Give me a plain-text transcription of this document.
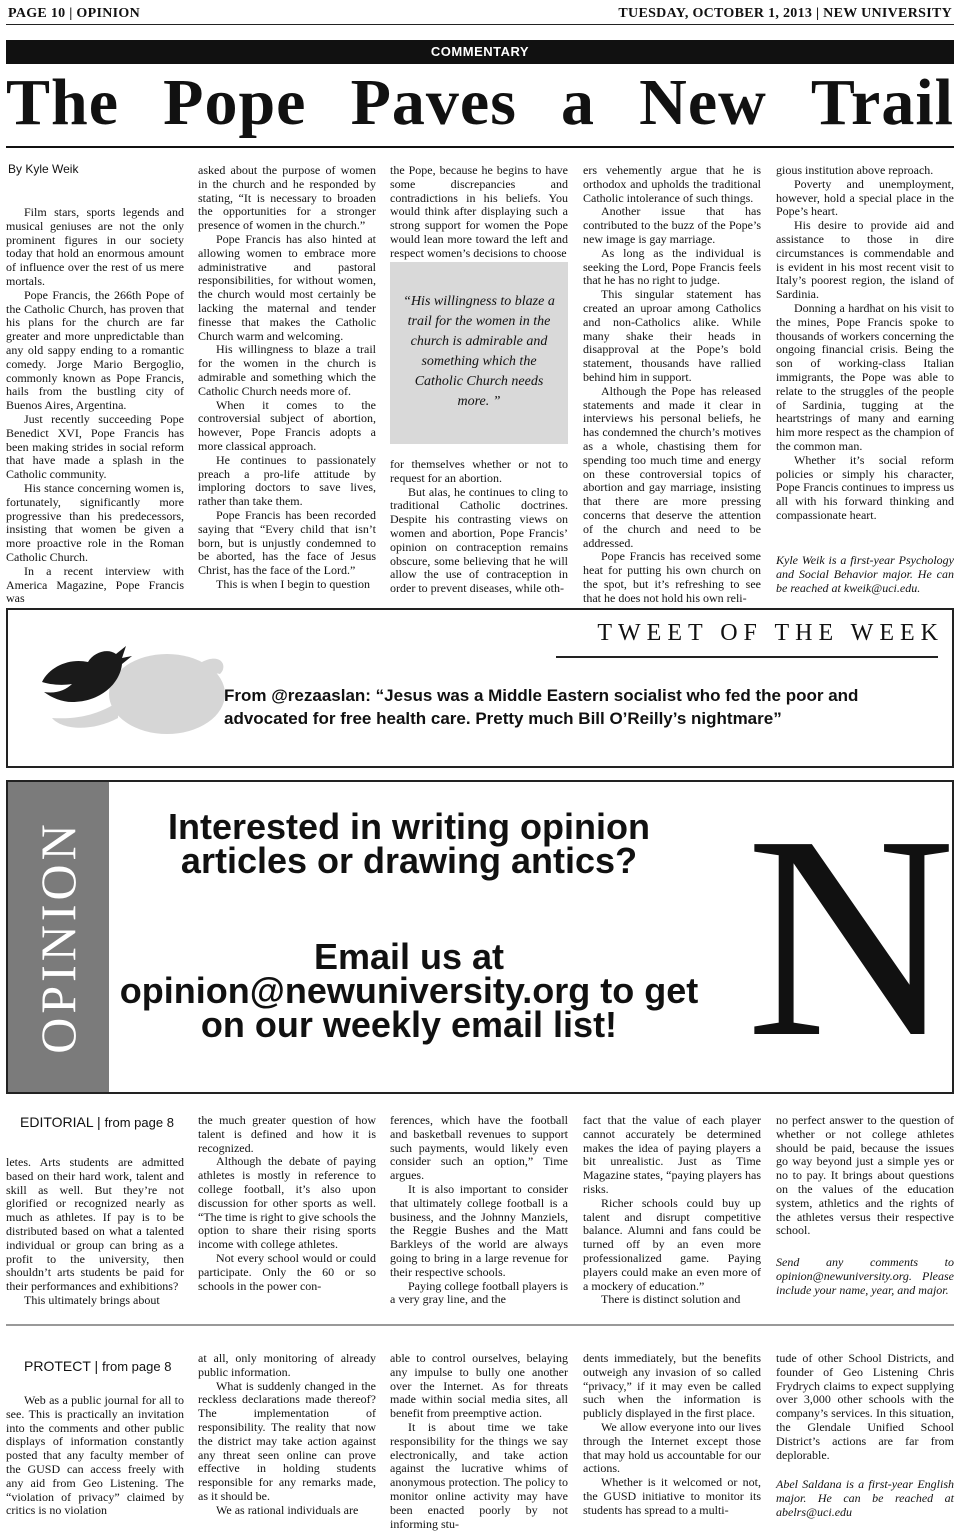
PAGE 10 | OPINION	TUESDAY, OCTOBER 1, 2013 | NEW UNIVERSITY
COMMENTARY
The Pope Paves a New Trail
By Kyle Weik

Film stars, sports legends and musical geniuses are not the only prominent figures in our society today that hold an enormous amount of influence over the rest of us mere mortals.

Pope Francis, the 266th Pope of the Catholic Church, has proven that his plans for the church are far greater and more unpredictable than any old sappy ending to a romantic comedy. Jorge Mario Bergoglio, commonly known as Pope Francis, hails from the bustling city of Buenos Aires, Argentina.

Just recently succeeding Pope Benedict XVI, Pope Francis has been making strides in social reform that have made a splash in the Catholic community.

His stance concerning women is, fortunately, significantly more progressive than his predecessors, insisting that women be given a more proactive role in the Roman Catholic Church.

In a recent interview with America Magazine, Pope Francis was

asked about the purpose of women in the church and he responded by stating, “It is necessary to broaden the opportunities for a stronger presence of women in the church.”

Pope Francis has also hinted at allowing women to embrace more administrative and pastoral responsibilities, for without women, the church would most certainly be lacking the maternal and tender finesse that makes the Catholic Church warm and welcoming.

His willingness to blaze a trail for the women in the church is admirable and something which the Catholic Church needs more of.

When it comes to the controversial subject of abortion, however, Pope Francis adopts a more classical approach.

He continues to passionately preach a pro-life attitude by imploring doctors to save lives, rather than take them.

Pope Francis has been recorded saying that “Every child that isn’t born, but is unjustly condemned to be aborted, has the face of Jesus Christ, has the face of the Lord.”

This is when I begin to question

the Pope, because he begins to have some discrepancies and contradictions in his beliefs. You would think after displaying such a strong support for women the Pope would lean more toward the left and respect women’s decisions to choose

“His willingness to blaze a trail for the women in the church is admirable and something which the Catholic Church needs more. ”

for themselves whether or not to request for an abortion.

But alas, he continues to cling to traditional Catholic doctrines. Despite his contrasting views on women and abortion, Pope Francis’ opinion on contraception remains obscure, some believing that he will allow the use of contraception in order to prevent diseases, while oth-

ers vehemently argue that he is orthodox and upholds the traditional Catholic intolerance of such things.

Another issue that has contributed to the buzz of the Pope’s new image is gay marriage.

As long as the individual is seeking the Lord, Pope Francis feels that he has no right to judge.

This singular statement has created an uproar among Catholics and non-Catholics alike. While many shake their heads in disapproval at the Pope’s bold statement, thousands have rallied behind him in support.

Although the Pope has released statements and made it clear in interviews his personal beliefs, he has condemned the church’s motives as a whole, chastising them for spending too much time and energy on these controversial topics of abortion and gay marriage, insisting that there are more pressing concerns that deserve the attention of the church and need to be addressed.

Pope Francis has received some heat for putting his own church on the spot, but it’s refreshing to see that he does not hold his own reli-

gious institution above reproach.

Poverty and unemployment, however, hold a special place in the Pope’s heart.

His desire to provide aid and assistance to those in dire circumstances is commendable and is evident in his most recent visit to Italy’s poorest region, the island of Sardinia.

Donning a hardhat on his visit to the mines, Pope Francis spoke to thousands of workers concerning the ongoing financial crisis. Being the son of working-class Italian immigrants, the Pope was able to relate to the struggles of the people of Sardinia, tugging at the heartstrings of many and earning him more respect as the champion of the common man.

Whether it’s social reform policies or simply his character, Pope Francis continues to impress us all with his forward thinking and compassionate heart.

Kyle Weik is a first-year Psychology and Social Behavior major. He can be reached at kweik@uci.edu.

TWEET OF THE WEEK
From @rezaaslan: “Jesus was a Middle Eastern socialist who fed the poor and advocated for free health care. Pretty much Bill O’Reilly’s nightmare”
OPINION	Interested in writing opinion articles or drawing antics?
Email us at opinion@newuniversity.org to get on our weekly email list! N
EDITORIAL | from page 8

letes. Arts students are admitted based on their hard work, talent and skill as well. But they’re not glorified or recognized nearly as much as athletes. If pay is to be distributed based on what a talented individual or group can bring as a profit to the university, then shouldn’t arts students be paid for their performances and exhibitions?

This ultimately brings about

the much greater question of how talent is defined and how it is recognized.

Although the debate of paying athletes is mostly in reference to college football, it’s also upon discussion for other sports as well. “The time is right to give schools the option to share their rising sports income with college athletes.

Not every school would or could participate. Only the 60 or so schools in the power con-

ferences, which have the football and basketball revenues to support such payments, would likely even consider such an option,” Time argues.

It is also important to consider that ultimately college football is a business, and the Johnny Manziels, the Reggie Bushes and the Matt Barkleys of the world are always going to bring in a large revenue for their respective schools.

Paying college football players is a very gray line, and the

fact that the value of each player cannot accurately be determined makes the idea of paying players a bit unrealistic. Just as Time Magazine states, “paying players has risks.

Richer schools could buy up talent and disrupt competitive balance. Alumni and fans could be turned off by an even more professionalized game. Paying players could make an even more of a mockery of education.”

There is distinct solution and

no perfect answer to the question of whether or not college athletes should be paid, because the issues go way beyond just a simple yes or no to pay. It brings about questions on the values of the education system, athletics and the rights of the athletes versus their respective school.

Send any comments to opinion@newuniversity.org. Please include your name, year, and major.

PROTECT | from page 8

Web as a public journal for all to see. This is practically an invitation into the comments and other public displays of information constantly posted that any faculty member of the GUSD can access freely with any aid from Geo Listening. The “violation of privacy” claimed by critics is no violation

at all, only monitoring of already public information.

What is suddenly changed in the reckless declarations made thereof? The implementation of responsibility. The reality that now the district may take action against any threat seen online can prove effective in holding students responsible for any remarks made, as it should be.

We as rational individuals are

able to control ourselves, belaying any impulse to bully one another over the Internet. As for threats made within social media sites, all benefit from preemptive action.

It is about time we take responsibility for the things we say electronically, and take action against the lucrative whims of anonymous protection. The policy to monitor online activity may have been enacted poorly by not informing stu-

dents immediately, but the benefits outweigh any invasion of so called “privacy,” if it may even be called such when the information is publicly displayed in the first place.

We allow everyone into our lives through the Internet except those that may hold us accountable for our actions.

Whether is it welcomed or not, the GUSD initiative to monitor its students has spread to a multi-

tude of other School Districts, and founder of Geo Listening Chris Frydrych claims to expect supplying over 3,000 other schools with the company’s services. In this situation, the Glendale Unified School District’s actions are far from deplorable.

Abel Saldana is a first-year English major. He can be reached at abelrs@uci.edu
